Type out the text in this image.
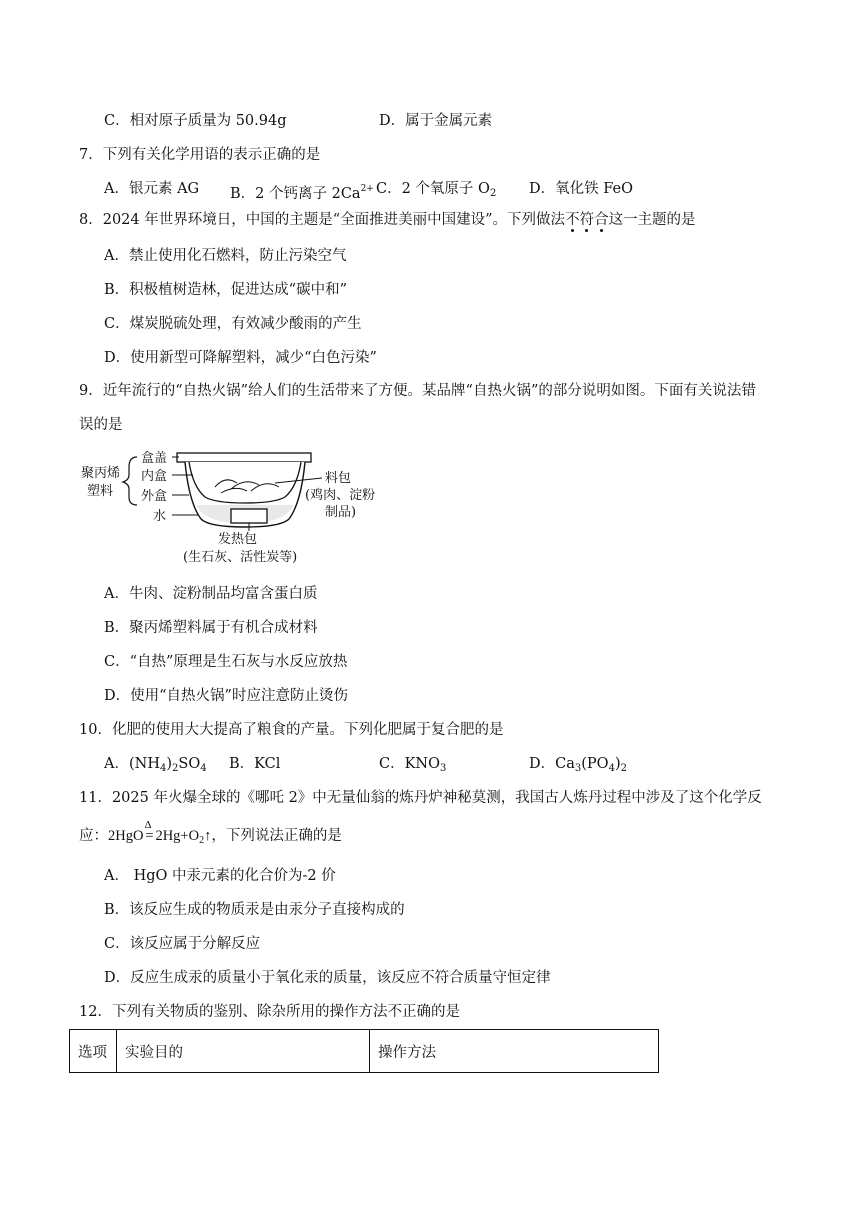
C．相对原子质量为 50.94g	D．属于金属元素
7．下列有关化学用语的表示正确的是
A．银元素 AG B．2 个钙离子 $2Ca^{2+}$ C．2 个氧原子 $O_2$ D．氧化铁 FeO
8．2024 年世界环境日，中国的主题是“全面推进美丽中国建设”。下列做法不符合这一主题的是
A．禁止使用化石燃料，防止污染空气
B．积极植树造林，促进达成“碳中和”
C．煤炭脱硫处理，有效减少酸雨的产生
D．使用新型可降解塑料，减少“白色污染”
9．近年流行的“自热火锅”给人们的生活带来了方便。某品牌“自热火锅”的部分说明如图。下面有关说法错
误的是
聚丙烯
塑料
盒盖
内盒
外盒
水
料包
(鸡肉、淀粉
制品)
发热包
(生石灰、活性炭等)
A．牛肉、淀粉制品均富含蛋白质
B．聚丙烯塑料属于有机合成材料
C．“自热”原理是生石灰与水反应放热
D．使用“自热火锅”时应注意防止烫伤
10．化肥的使用大大提高了粮食的产量。下列化肥属于复合肥的是
A．$(NH_4)_2SO_4$ B．KCl	C．$KNO_3$	D．$Ca_3(PO_4)_2$
11．2025 年火爆全球的《哪吒 2》中无量仙翁的炼丹炉神秘莫测，我国古人炼丹过程中涉及了这个化学反
应：2HgO
Δ
= $2Hg+O_2↑$，下列说法正确的是
A． HgO 中汞元素的化合价为-2 价
B．该反应生成的物质汞是由汞分子直接构成的
C．该反应属于分解反应
D．反应生成汞的质量小于氧化汞的质量，该反应不符合质量守恒定律
12．下列有关物质的鉴别、除杂所用的操作方法不正确的是
选项	实验目的	操作方法
